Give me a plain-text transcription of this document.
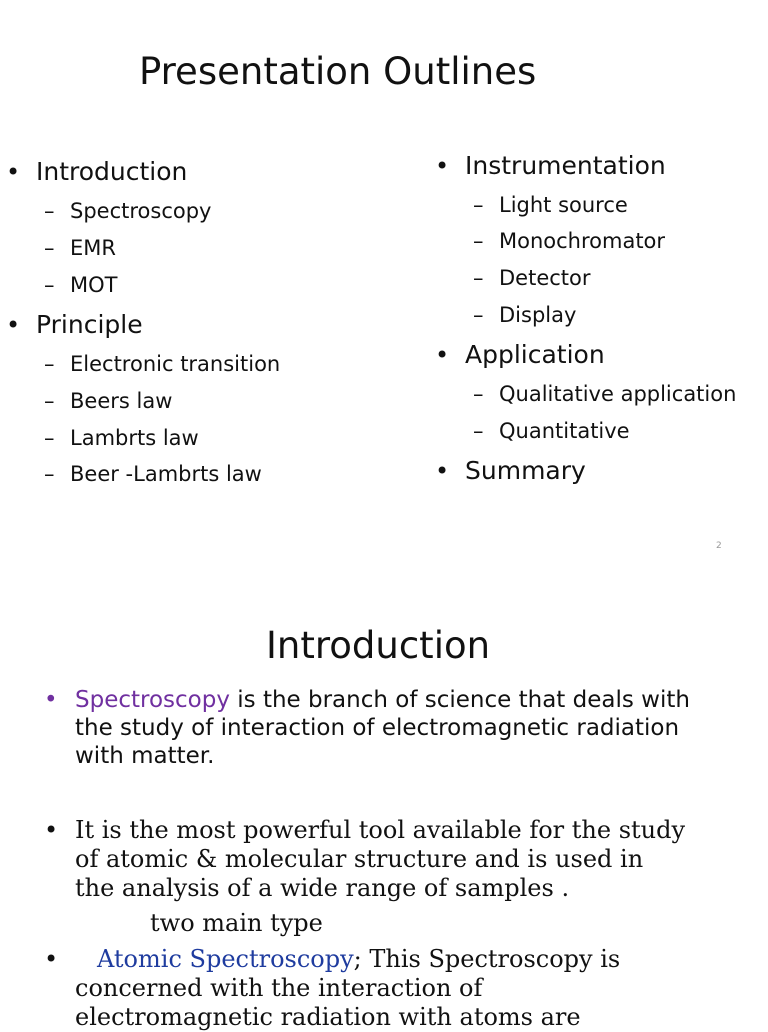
Presentation Outlines
• Introduction
– Spectroscopy
– EMR
– MOT
• Principle
– Electronic transition
– Beers law
– Lambrts law
– Beer -Lambrts law
• Instrumentation
– Light source
– Monochromator
– Detector
– Display
• Application
– Qualitative application
– Quantitative
• Summary
2
Introduction
• Spectroscopy is the branch of science that deals with
the study of interaction of electromagnetic radiation
with matter.
• It is the most powerful tool available for the study
of atomic & molecular structure and is used in
the analysis of a wide range of samples .
two main type
• Atomic Spectroscopy; This Spectroscopy is
concerned with the interaction of
electromagnetic radiation with atoms are
